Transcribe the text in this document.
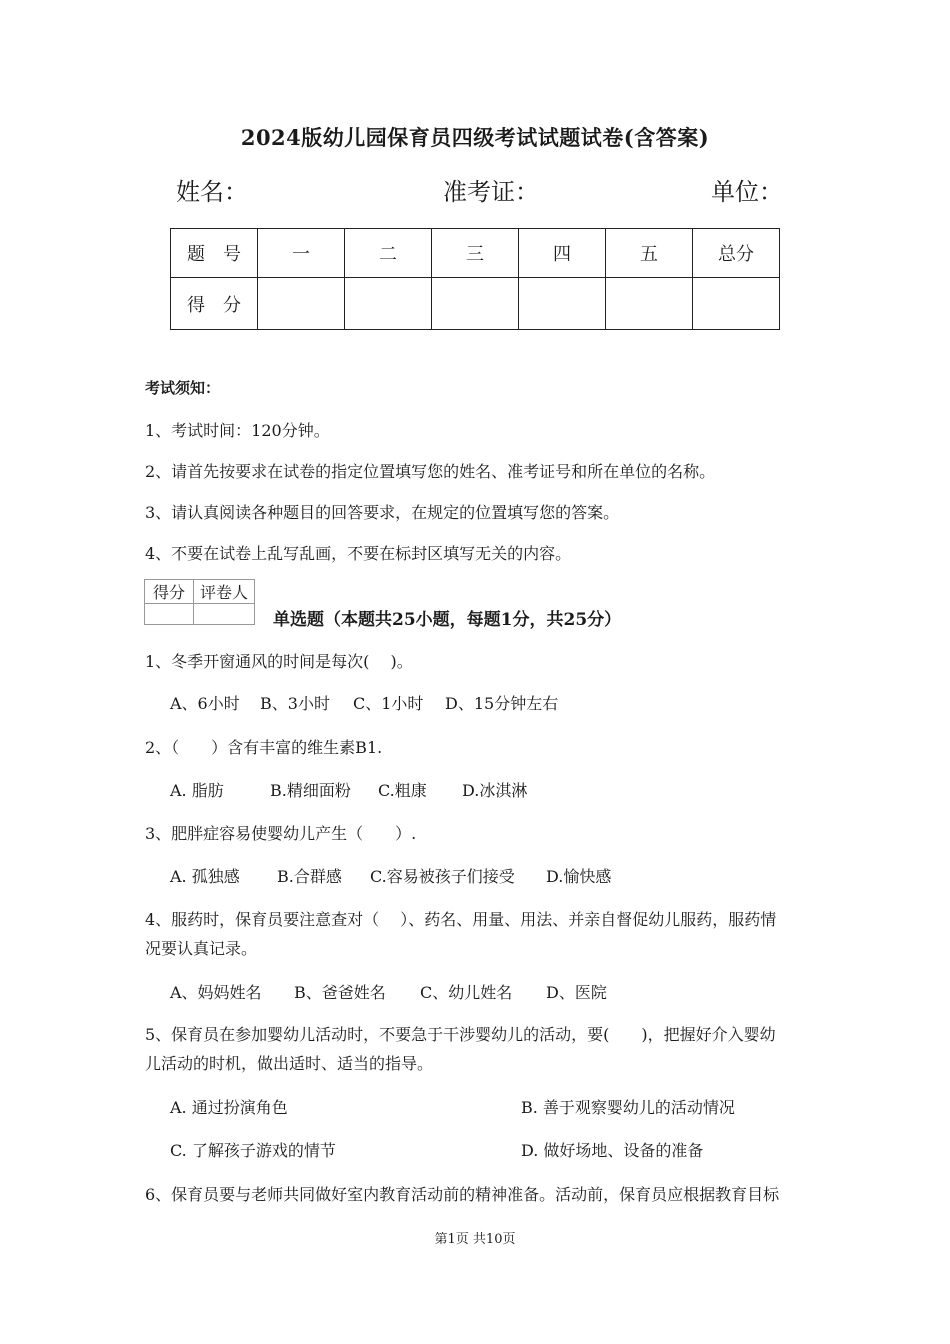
2024版幼儿园保育员四级考试试题试卷(含答案)
姓名：	准考证：	单位：
题　号	一	二	三	四	五	总分
得　分						
考试须知：
1、考试时间：120分钟。
2、请首先按要求在试卷的指定位置填写您的姓名、准考证号和所在单位的名称。
3、请认真阅读各种题目的回答要求，在规定的位置填写您的答案。
4、不要在试卷上乱写乱画，不要在标封区填写无关的内容。
得分	评卷人

单选题（本题共25小题，每题1分，共25分）
1、冬季开窗通风的时间是每次(　 )。
A、6小时 B、3小时 C、1小时 D、15分钟左右
2、（　　）含有丰富的维生素B1.
A. 脂肪	B.精细面粉 C.粗康 D.冰淇淋
3、肥胖症容易使婴幼儿产生（　　）.
A. 孤独感 B.合群感 C.容易被孩子们接受 D.愉快感
4、服药时，保育员要注意查对（　 ）、药名、用量、用法、并亲自督促幼儿服药，服药情
况要认真记录。
A、妈妈姓名 B、爸爸姓名 C、幼儿姓名 D、医院
5、保育员在参加婴幼儿活动时，不要急于干涉婴幼儿的活动，要(　　)，把握好介入婴幼
儿活动的时机，做出适时、适当的指导。
A. 通过扮演角色	B. 善于观察婴幼儿的活动情况
C. 了解孩子游戏的情节	D. 做好场地、设备的准备
6、保育员要与老师共同做好室内教育活动前的精神准备。活动前，保育员应根据教育目标
第1页 共10页
